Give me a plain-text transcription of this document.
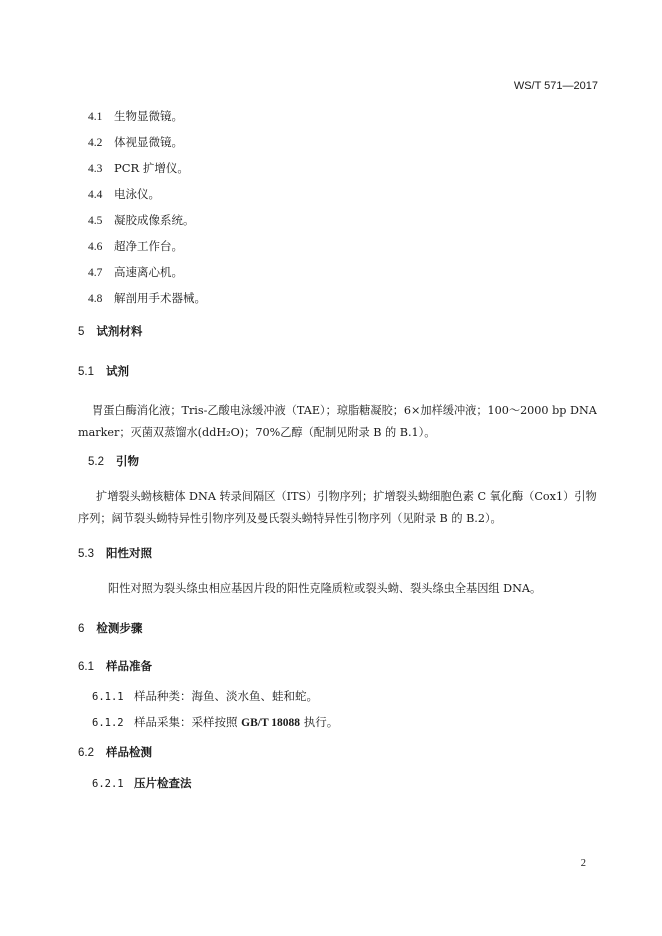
WS/T 571—2017
4.1 生物显微镜。
4.2 体视显微镜。
4.3 PCR 扩增仪。
4.4 电泳仪。
4.5 凝胶成像系统。
4.6 超净工作台。
4.7 高速离心机。
4.8 解剖用手术器械。
5 试剂材料
5.1 试剂
胃蛋白酶消化液；Tris-乙酸电泳缓冲液（TAE）；琼脂糖凝胶；6×加样缓冲液；100～2000 bp DNA marker；灭菌双蒸馏水(ddH₂O)；70%乙醇（配制见附录 B 的 B.1）。
5.2 引物
扩增裂头蚴核糖体 DNA 转录间隔区（ITS）引物序列；扩增裂头蚴细胞色素 C 氧化酶（Cox1）引物序列；阔节裂头蚴特异性引物序列及曼氏裂头蚴特异性引物序列（见附录 B 的 B.2）。
5.3 阳性对照
阳性对照为裂头绦虫相应基因片段的阳性克隆质粒或裂头蚴、裂头绦虫全基因组 DNA。
6 检测步骤
6.1 样品准备
6.1.1 样品种类：海鱼、淡水鱼、蛙和蛇。
6.1.2 样品采集：采样按照 GB/T 18088 执行。
6.2 样品检测
6.2.1 压片检查法
2
